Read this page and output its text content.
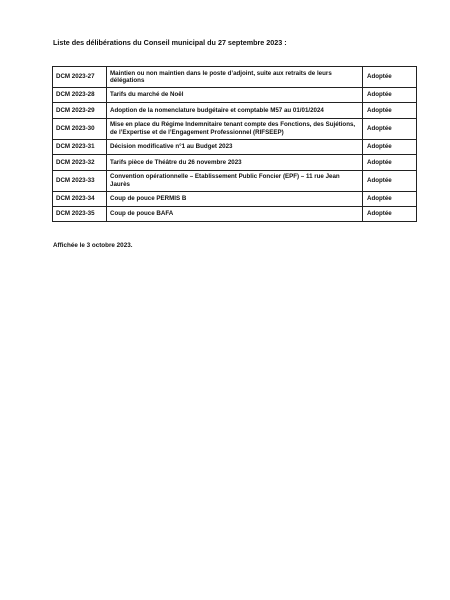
Liste des délibérations du Conseil municipal du 27 septembre 2023 :
DCM 2023-27	Maintien ou non maintien dans le poste d’adjoint, suite aux retraits de leurs délégations	Adoptée
DCM 2023-28	Tarifs du marché de Noël	Adoptée
DCM 2023-29	Adoption de la nomenclature budgétaire et comptable M57 au 01/01/2024	Adoptée
DCM 2023-30	Mise en place du Régime Indemnitaire tenant compte des Fonctions, des Sujétions, de l’Expertise et de l’Engagement Professionnel (RIFSEEP)	Adoptée
DCM 2023-31	Décision modificative n°1 au Budget 2023	Adoptée
DCM 2023-32	Tarifs pièce de Théâtre du 26 novembre 2023	Adoptée
DCM 2023-33	Convention opérationnelle – Etablissement Public Foncier (EPF) – 11 rue Jean Jaurès	Adoptée
DCM 2023-34	Coup de pouce PERMIS B	Adoptée
DCM 2023-35	Coup de pouce BAFA	Adoptée
Affichée le 3 octobre 2023.
